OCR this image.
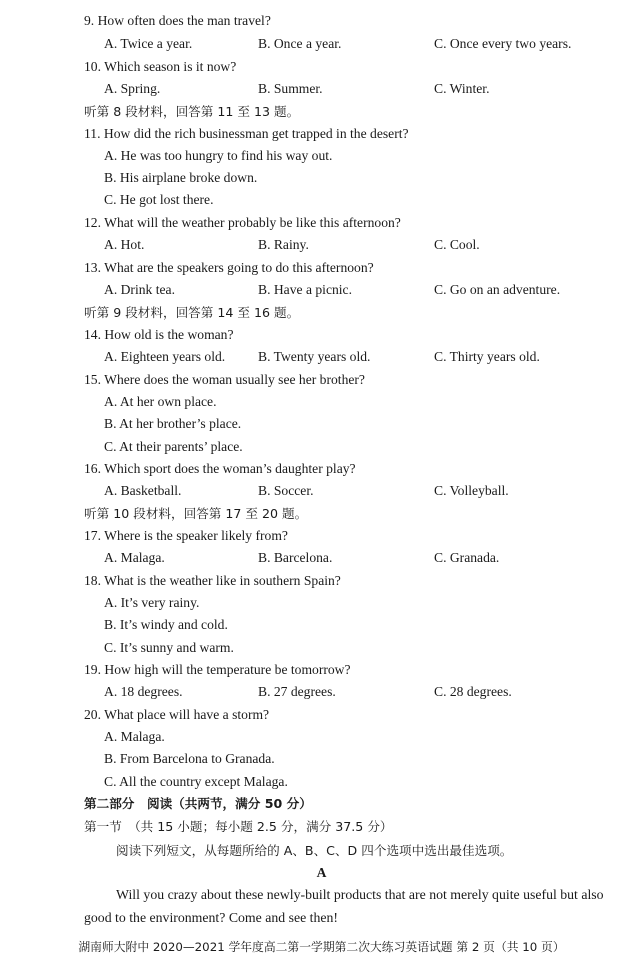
9. How often does the man travel?
A. Twice a year.	B. Once a year.	C. Once every two years.
10. Which season is it now?
A. Spring.	B. Summer.	C. Winter.
听第 8 段材料，回答第 11 至 13 题。
11. How did the rich businessman get trapped in the desert?
A. He was too hungry to find his way out.
B. His airplane broke down.
C. He got lost there.
12. What will the weather probably be like this afternoon?
A. Hot.	B. Rainy.	C. Cool.
13. What are the speakers going to do this afternoon?
A. Drink tea.	B. Have a picnic.	C. Go on an adventure.
听第 9 段材料，回答第 14 至 16 题。
14. How old is the woman?
A. Eighteen years old. B. Twenty years old.	C. Thirty years old.
15. Where does the woman usually see her brother?
A. At her own place.
B. At her brother’s place.
C. At their parents’ place.
16. Which sport does the woman’s daughter play?
A. Basketball.	B. Soccer.	C. Volleyball.
听第 10 段材料，回答第 17 至 20 题。
17. Where is the speaker likely from?
A. Malaga.	B. Barcelona.	C. Granada.
18. What is the weather like in southern Spain?
A. It’s very rainy.
B. It’s windy and cold.
C. It’s sunny and warm.
19. How high will the temperature be tomorrow?
A. 18 degrees.	B. 27 degrees.	C. 28 degrees.
20. What place will have a storm?
A. Malaga.
B. From Barcelona to Granada.
C. All the country except Malaga.
第二部分　阅读（共两节，满分 50 分）
第一节　（共 15 小题；每小题 2.5 分，满分 37.5 分）
阅读下列短文，从每题所给的 A、B、C、D 四个选项中选出最佳选项。
A
Will you crazy about these newly-built products that are not merely quite useful but also good to the environment? Come and see then!
湖南师大附中 2020—2021 学年度高二第一学期第二次大练习英语试题 第 2 页（共 10 页）
